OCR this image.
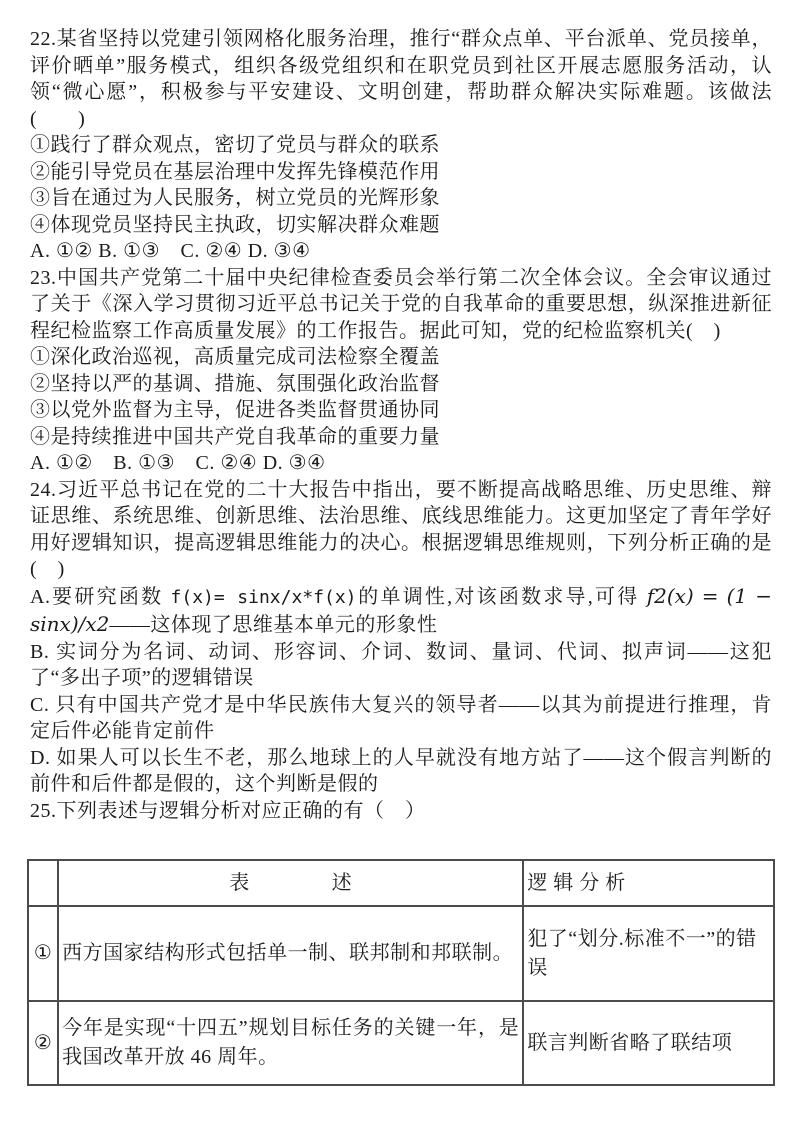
22.某省坚持以党建引领网格化服务治理，推行“群众点单、平台派单、党员接单，评价晒单”服务模式，组织各级党组织和在职党员到社区开展志愿服务活动，认领“微心愿”，积极参与平安建设、文明创建，帮助群众解决实际难题。该做法(　　)

①践行了群众观点，密切了党员与群众的联系

②能引导党员在基层治理中发挥先锋模范作用

③旨在通过为人民服务，树立党员的光辉形象

④体现党员坚持民主执政，切实解决群众难题

A. ①② B. ①③　C. ②④ D. ③④

23.中国共产党第二十届中央纪律检查委员会举行第二次全体会议。全会审议通过了关于《深入学习贯彻习近平总书记关于党的自我革命的重要思想，纵深推进新征程纪检监察工作高质量发展》的工作报告。据此可知，党的纪检监察机关(　)

①深化政治巡视，高质量完成司法检察全覆盖

②坚持以严的基调、措施、氛围强化政治监督

③以党外监督为主导，促进各类监督贯通协同

④是持续推进中国共产党自我革命的重要力量

A. ①②　B. ①③　C. ②④ D. ③④

24.习近平总书记在党的二十大报告中指出，要不断提高战略思维、历史思维、辩证思维、系统思维、创新思维、法治思维、底线思维能力。这更加坚定了青年学好用好逻辑知识，提高逻辑思维能力的决心。根据逻辑思维规则，下列分析正确的是(　)

A.要研究函数 f(x)= sinx/x*f(x)的单调性,对该函数求导,可得 f2(x) = (1 − sinx)/x2——这体现了思维基本单元的形象性

B. 实词分为名词、动词、形容词、介词、数词、量词、代词、拟声词——这犯了“多出子项”的逻辑错误

C. 只有中国共产党才是中华民族伟大复兴的领导者——以其为前提进行推理，肯定后件必能肯定前件

D. 如果人可以长生不老，那么地球上的人早就没有地方站了——这个假言判断的前件和后件都是假的，这个判断是假的

25.下列表述与逻辑分析对应正确的有（　）

	表　　　　述	逻 辑 分 析
①	西方国家结构形式包括单一制、联邦制和邦联制。	犯了“划分.标准不一”的错误
②	今年是实现“十四五”规划目标任务的关键一年，是我国改革开放 46 周年。	联言判断省略了联结项
